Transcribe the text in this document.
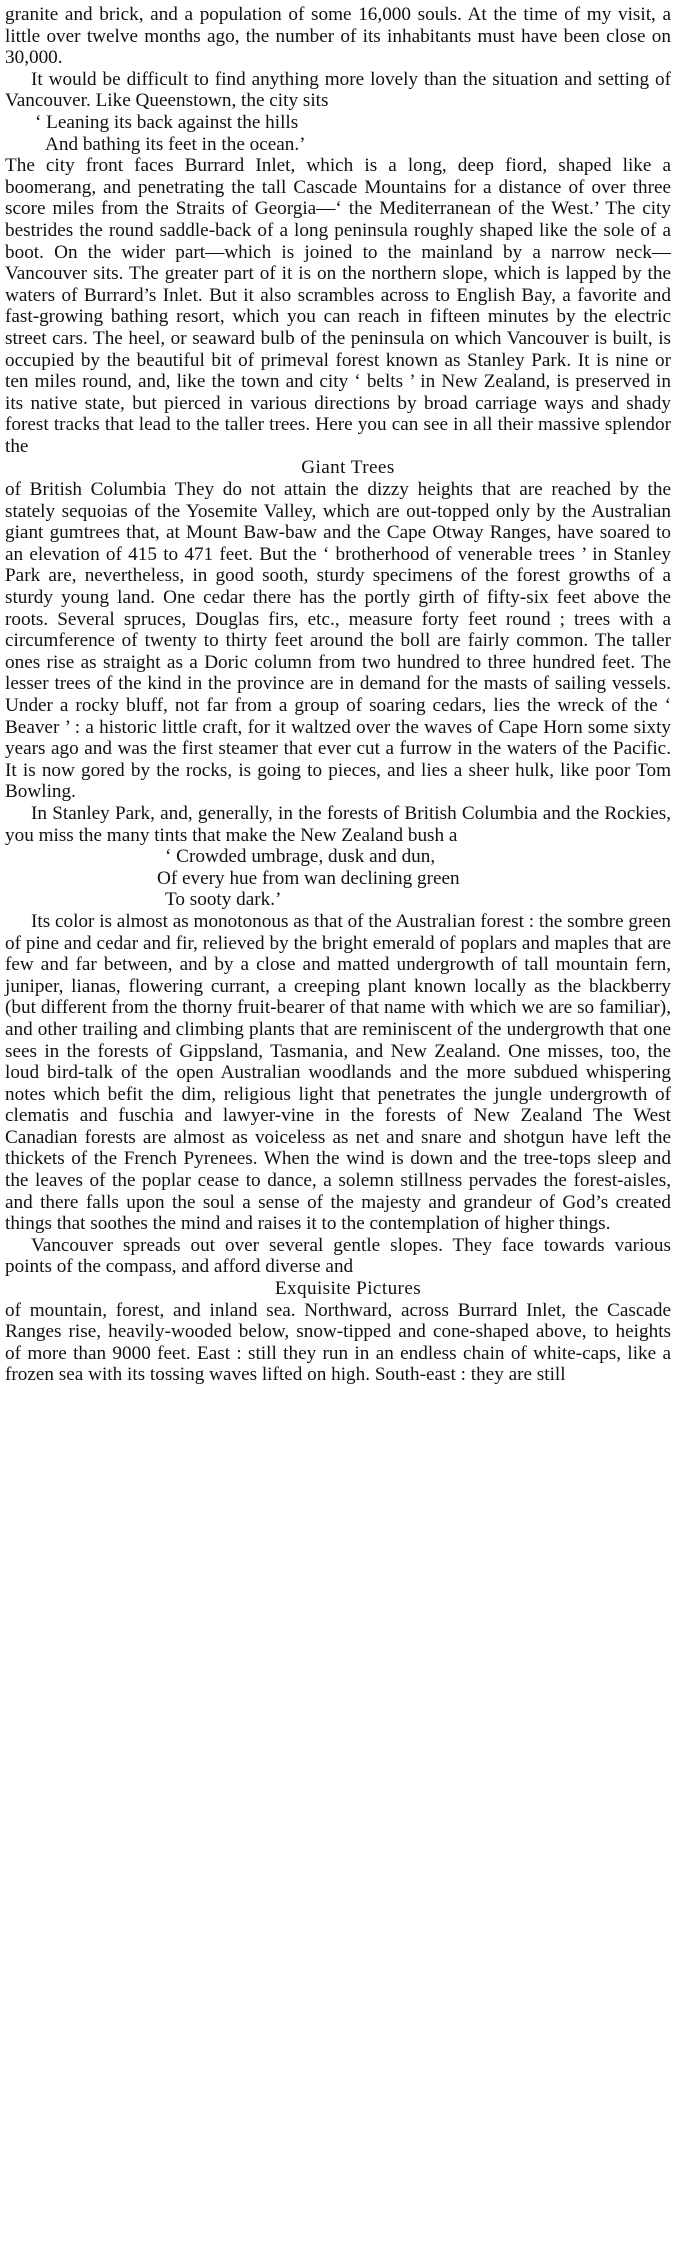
granite and brick, and a population of some 16,000 souls. At the time of my visit, a little over twelve months ago, the number of its inhabitants must have been close on 30,000.

It would be difficult to find anything more lovely than the situation and setting of Vancouver. Like Queenstown, the city sits

‘ Leaning its back against the hills
And bathing its feet in the ocean.’

The city front faces Burrard Inlet, which is a long, deep fiord, shaped like a boomerang, and penetrating the tall Cascade Mountains for a distance of over three score miles from the Straits of Georgia—‘ the Mediterranean of the West.’ The city bestrides the round saddle-back of a long peninsula roughly shaped like the sole of a boot. On the wider part—which is joined to the mainland by a narrow neck—Vancouver sits. The greater part of it is on the northern slope, which is lapped by the waters of Burrard’s Inlet. But it also scrambles across to English Bay, a favorite and fast-growing bathing resort, which you can reach in fifteen minutes by the electric street cars. The heel, or seaward bulb of the peninsula on which Vancouver is built, is occupied by the beautiful bit of primeval forest known as Stanley Park. It is nine or ten miles round, and, like the town and city ‘ belts ’ in New Zealand, is preserved in its native state, but pierced in various directions by broad carriage ways and shady forest tracks that lead to the taller trees. Here you can see in all their massive splendor the

Giant Trees

of British Columbia They do not attain the dizzy heights that are reached by the stately sequoias of the Yosemite Valley, which are out-topped only by the Australian giant gumtrees that, at Mount Baw-baw and the Cape Otway Ranges, have soared to an elevation of 415 to 471 feet. But the ‘ brotherhood of venerable trees ’ in Stanley Park are, nevertheless, in good sooth, sturdy specimens of the forest growths of a sturdy young land. One cedar there has the portly girth of fifty-six feet above the roots. Several spruces, Douglas firs, etc., measure forty feet round ; trees with a circumference of twenty to thirty feet around the boll are fairly common. The taller ones rise as straight as a Doric column from two hundred to three hundred feet. The lesser trees of the kind in the province are in demand for the masts of sailing vessels. Under a rocky bluff, not far from a group of soaring cedars, lies the wreck of the ‘ Beaver ’ : a historic little craft, for it waltzed over the waves of Cape Horn some sixty years ago and was the first steamer that ever cut a furrow in the waters of the Pacific. It is now gored by the rocks, is going to pieces, and lies a sheer hulk, like poor Tom Bowling.

In Stanley Park, and, generally, in the forests of British Columbia and the Rockies, you miss the many tints that make the New Zealand bush a

‘ Crowded umbrage, dusk and dun,
Of every hue from wan declining green
To sooty dark.’

Its color is almost as monotonous as that of the Australian forest : the sombre green of pine and cedar and fir, relieved by the bright emerald of poplars and maples that are few and far between, and by a close and matted undergrowth of tall mountain fern, juniper, lianas, flowering currant, a creeping plant known locally as the blackberry (but different from the thorny fruit-bearer of that name with which we are so familiar), and other trailing and climbing plants that are reminiscent of the undergrowth that one sees in the forests of Gippsland, Tasmania, and New Zealand. One misses, too, the loud bird-talk of the open Australian woodlands and the more subdued whispering notes which befit the dim, religious light that penetrates the jungle undergrowth of clematis and fuschia and lawyer-vine in the forests of New Zealand The West Canadian forests are almost as voiceless as net and snare and shotgun have left the thickets of the French Pyrenees. When the wind is down and the tree-tops sleep and the leaves of the poplar cease to dance, a solemn stillness pervades the forest-aisles, and there falls upon the soul a sense of the majesty and grandeur of God’s created things that soothes the mind and raises it to the contemplation of higher things.

Vancouver spreads out over several gentle slopes. They face towards various points of the compass, and afford diverse and

Exquisite Pictures

of mountain, forest, and inland sea. Northward, across Burrard Inlet, the Cascade Ranges rise, heavily-wooded below, snow-tipped and cone-shaped above, to heights of more than 9000 feet. East : still they run in an endless chain of white-caps, like a frozen sea with its tossing waves lifted on high. South-east : they are still
